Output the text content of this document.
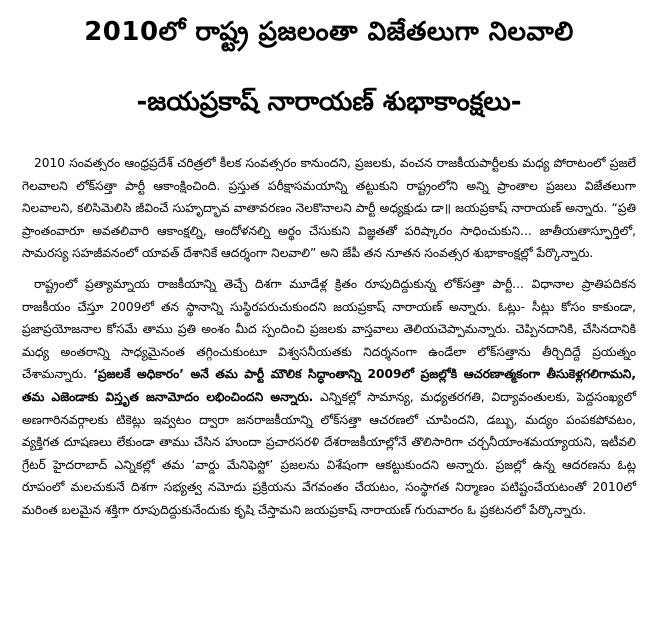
2010లో రాష్ట్ర ప్రజలంతా విజేతలుగా నిలవాలి
-జయప్రకాష్ నారాయణ్ శుభాకాంక్షలు-

2010 సంవత్సరం ఆంధ్రప్రదేశ్ చరిత్రలో కీలక సంవత్సరం కానుందని, ప్రజలకు, వంచన రాజకీయపార్టీలకు మధ్య పోరాటంలో ప్రజలే గెలవాలని లోక్‌సత్తా పార్టీ ఆకాంక్షించింది. ప్రస్తుత పరీక్షాసమయాన్ని తట్టుకుని రాష్ట్రంలోని అన్ని ప్రాంతాల ప్రజలు విజేతలుగా నిలవాలని, కలిసిమెలిసి జీవించే సుహృద్భావ వాతావరణం నెలకొనాలని పార్టీ అధ్యక్షుడు డా॥ జయప్రకాష్ నారాయణ్ అన్నారు. “ప్రతి ప్రాంతంవారూ అవతలివారి ఆకాంక్షల్ని, ఆందోళనల్ని అర్థం చేసుకుని విజ్ఞతతో పరిష్కారం సాధించుకుని... జాతీయతాస్ఫూర్తిలో, సామరస్య సహజీవనంలో యావత్ దేశానికే ఆదర్శంగా నిలవాలి” అని జేపీ తన నూతన సంవత్సర శుభాకాంక్షల్లో పేర్కొన్నారు.

రాష్ట్రంలో ప్రత్యామ్నాయ రాజకీయాన్ని తెచ్చే దిశగా మూడేళ్ల క్రితం రూపుదిద్దుకున్న లోక్‌సత్తా పార్టీ... విధానాల ప్రాతిపదికన రాజకీయం చేస్తూ 2009లో తన స్థానాన్ని సుస్థిరపరుచుకుందని జయప్రకాష్ నారాయణ్ అన్నారు. ఓట్లు- సీట్లు కోసం కాకుండా, ప్రజాప్రయోజనాల కోసమే తాము ప్రతి అంశం మీద స్పందించి ప్రజలకు వాస్తవాలు తెలియచెప్పామన్నారు. చెప్పినదానికి, చేసినదానికి మధ్య అంతరాన్ని సాధ్యమైనంత తగ్గించుకుంటూ విశ్వసనీయతకు నిదర్శనంగా ఉండేలా లోక్‌సత్తాను తీర్చిదిద్దే ప్రయత్నం చేశామన్నారు. ‘ప్రజలకే అధికారం’ అనే తమ పార్టీ మౌలిక సిద్ధాంతాన్ని 2009లో ప్రజల్లోకి ఆచరణాత్మకంగా తీసుకెళ్లగలిగామని, తమ ఎజెండాకు విస్తృత జనామోదం లభించిందని అన్నారు. ఎన్నికల్లో సామాన్య, మధ్యతరగతి, విద్యావంతులకు, పెద్దసంఖ్యలో అణగారినవర్గాలకు టికెట్లు ఇవ్వటం ద్వారా జనరాజకీయాన్ని లోక్‌సత్తా ఆచరణలో చూపిందని, డబ్బు, మద్యం పంపకపోవటం, వ్యక్తిగత దూషణలు లేకుండా తాము చేసిన హుందా ప్రచారసరళి దేశరాజకీయాల్లోనే తొలిసారిగా చర్చనీయాంశమయ్యాయని, ఇటీవలి గ్రేటర్ హైదరాబాద్ ఎన్నికల్లో తమ ‘వార్డు మేనిఫెస్టో’ ప్రజలను విశేషంగా ఆకట్టుకుందని అన్నారు. ప్రజల్లో ఉన్న ఆదరణను ఓట్ల రూపంలో మలచుకునే దిశగా సభ్యత్వ నమోదు ప్రక్రియను వేగవంతం చేయటం, సంస్థాగత నిర్మాణం పటిష్టంచేయటంతో 2010లో మరింత బలమైన శక్తిగా రూపుదిద్దుకునేందుకు కృషి చేస్తామని జయప్రకాష్ నారాయణ్ గురువారం ఓ ప్రకటనలో పేర్కొన్నారు.
